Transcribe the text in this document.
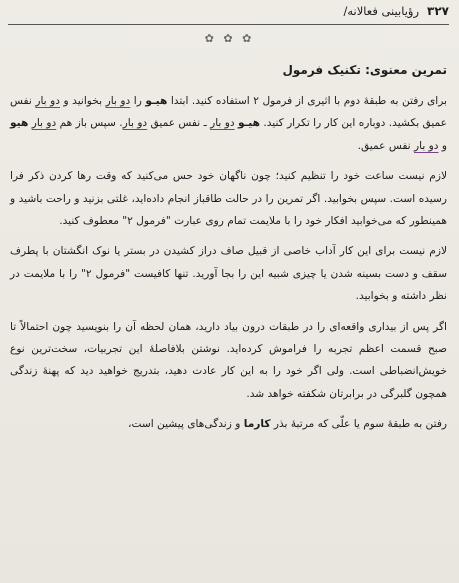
۳۲۷
رؤیابینی فعالانه/
✿ ✿ ✿
تمرین معنوی: تکنیک فرمول

برای رفتن به طبقهٔ دوم با اثیری از فرمول ۲ استفاده کنید. ابتدا هیـو را دو بار بخوانید و دو بار نفس عمیق بکشید. دوباره این کار را تکرار کنید. هیـو دو بار ـ نفس عمیق دو بار. سپس باز هم دو بار هیو و دو بار نفس عمیق.

لازم نیست ساعت خود را تنظیم کنید؛ چون ناگهان خود حس می‌کنید که وقت رها کردن ذکر فرا رسیده است. سپس بخوابید. اگر تمرین را در حالت طاقباز انجام داده‌اید، غلتی بزنید و راحت باشید و همینطور که می‌خوابید افکار خود را با ملایمت تمام روی عبارت "فرمول ۲" معطوف کنید.

لازم نیست برای این کار آداب خاصی از قبیل صاف دراز کشیدن در بستر یا نوک انگشتان با پطرف سقف و دست بسینه شدن یا چیزی شبیه این را بجا آورید. تنها کافیست "فرمول ۲" را با ملایمت در نظر داشته و بخوابید.

اگر پس از بیداری واقعه‌ای را در طبقات درون بیاد دارید، همان لحظه آن را بنویسید چون احتمالاً تا صبح قسمت اعظم تجربه را فراموش کرده‌اید. نوشتن بلافاصلهٔ این تجربیات، سخت‌ترین نوع خویش‌انضباطی است. ولی اگر خود را به این کار عادت دهید، بتدریج خواهید دید که پهنهٔ زندگی همچون گلبرگی در برابرتان شکفته خواهد شد.

رفتن به طبقهٔ سوم یا علّی که مرتبهٔ بذر کارما و زندگی‌های پیشین است،
